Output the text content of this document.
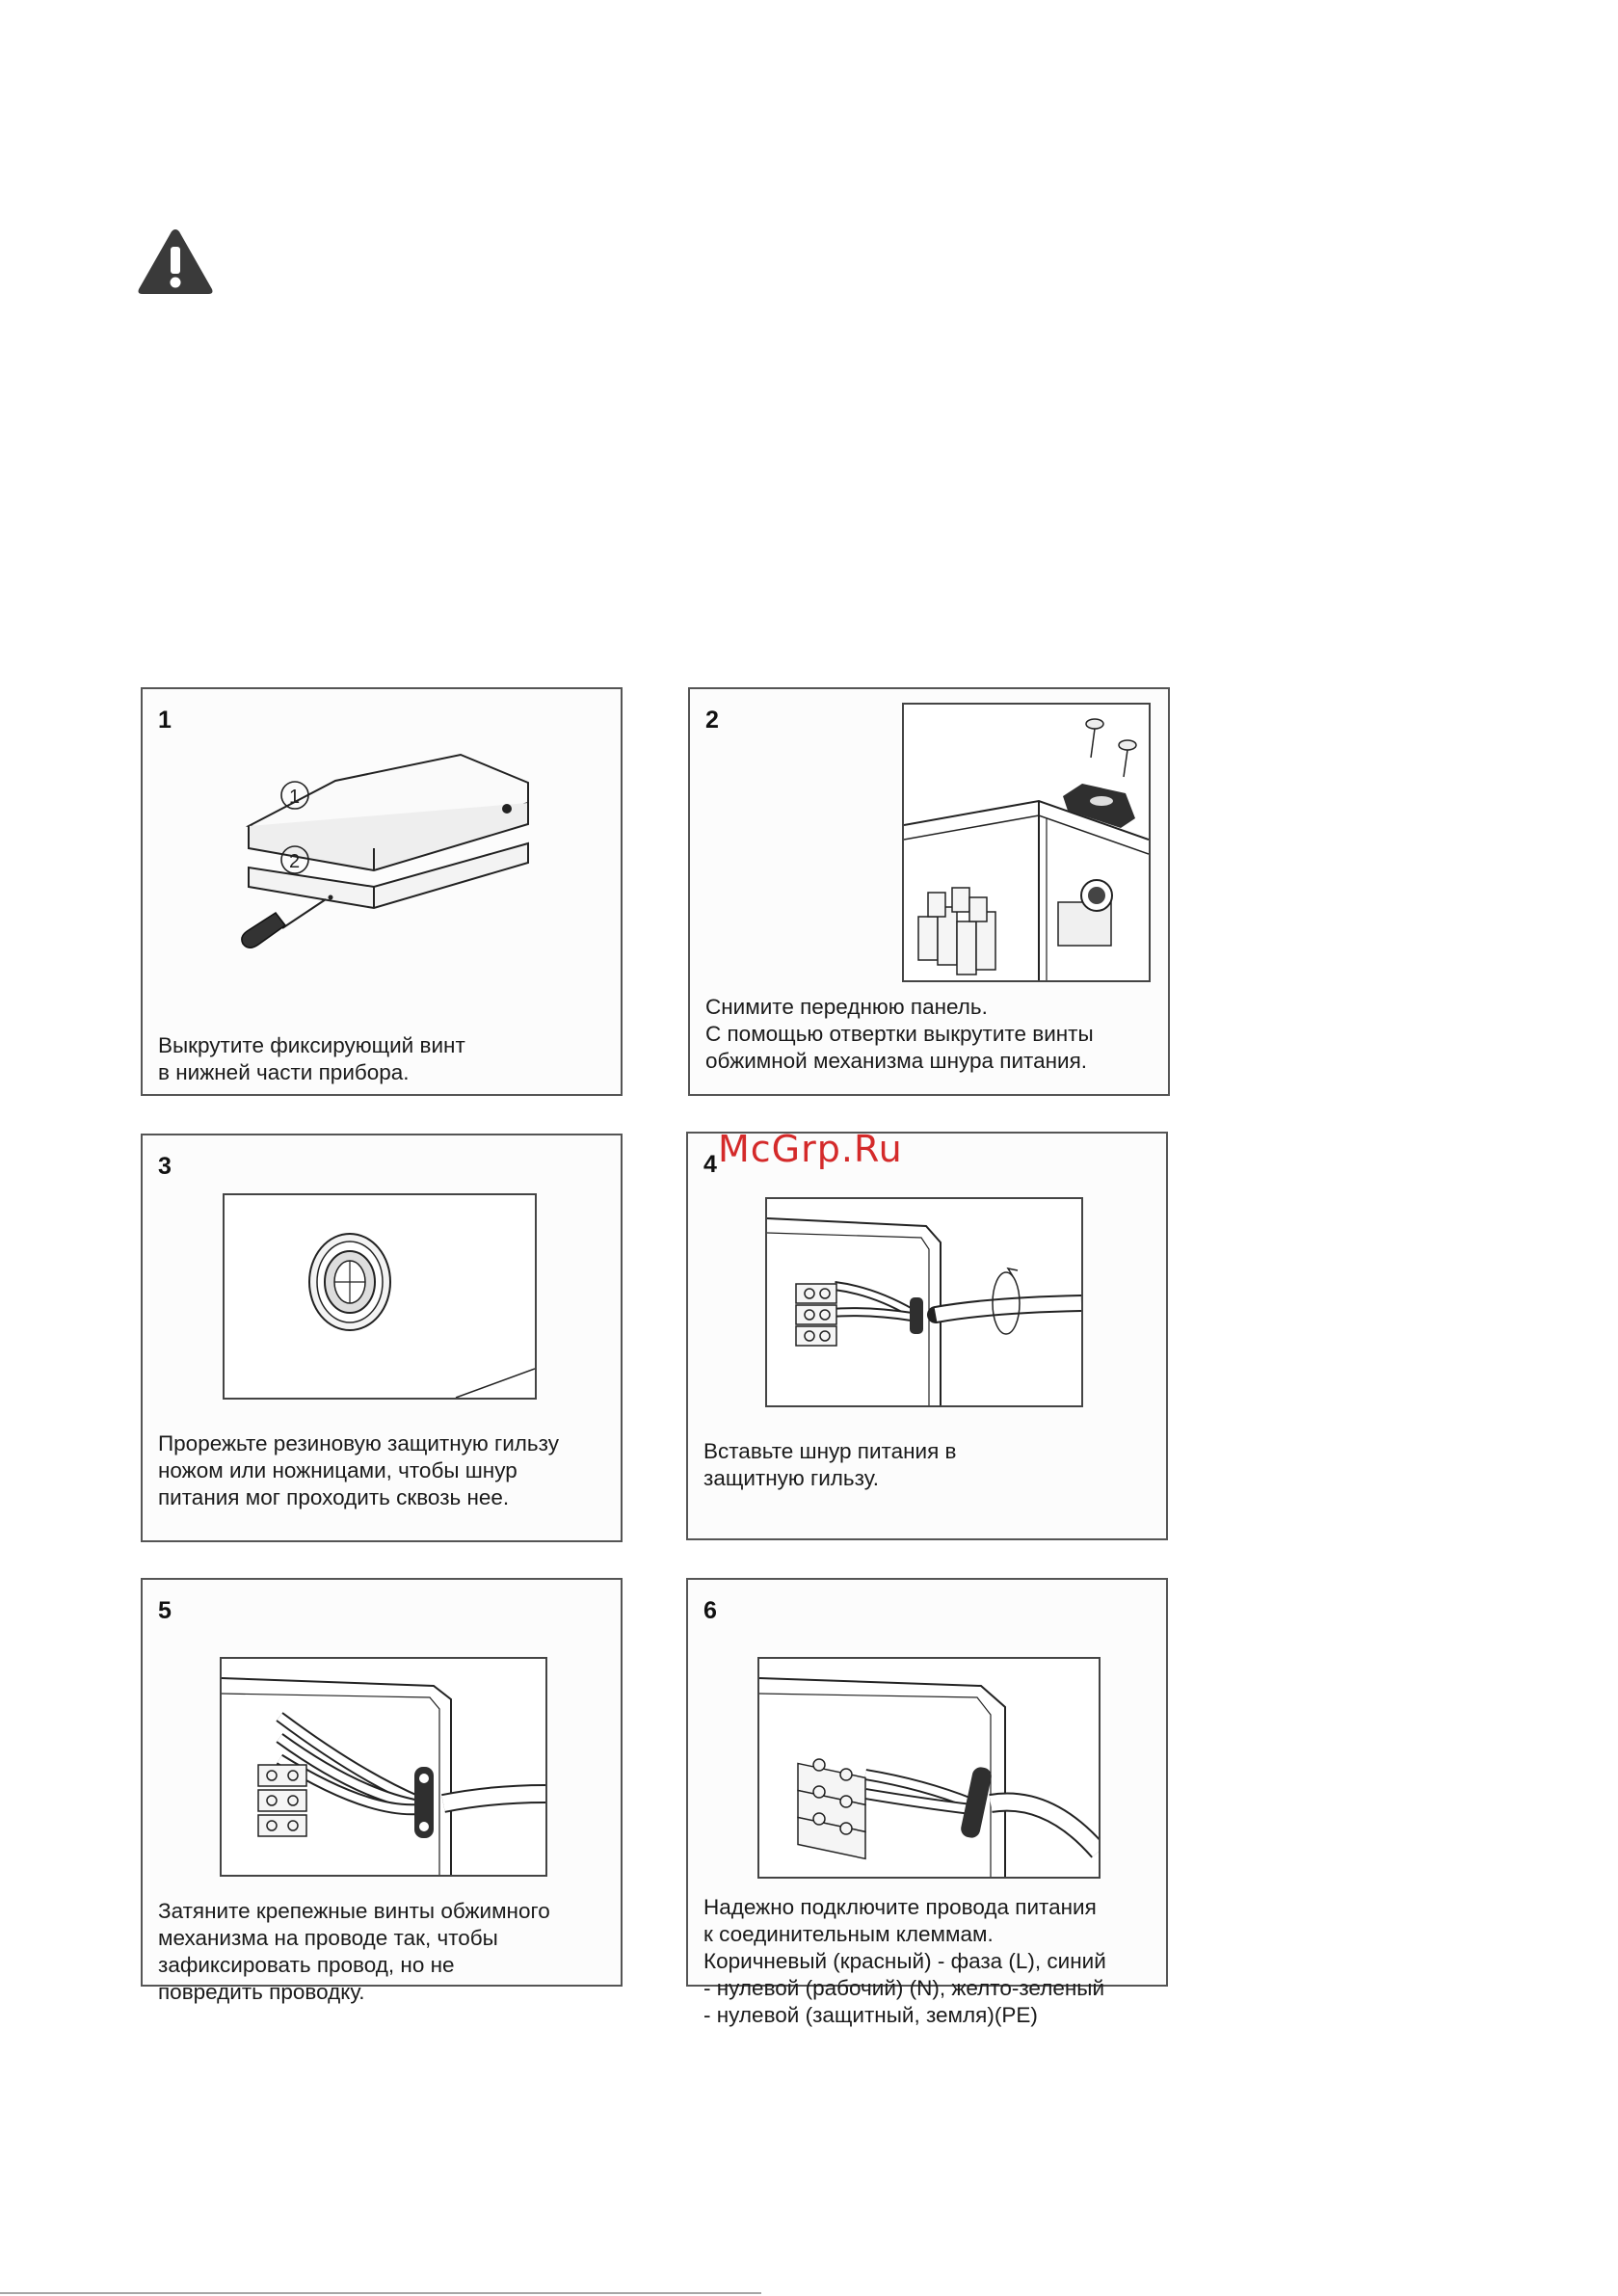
1
1
2
Выкрутите фиксирующий винт
в нижней части прибора.
2
Снимите переднюю панель.
С помощью отвертки выкрутите винты
обжимной механизма шнура питания.
3
Прорежьте резиновую защитную гильзу
ножом или ножницами, чтобы шнур
питания мог проходить сквозь нее.
4
Вставьте шнур питания в
защитную гильзу.
5
Затяните крепежные винты обжимного
механизма на проводе так, чтобы
зафиксировать провод, но не
повредить проводку.
6
Надежно подключите провода питания
к соединительным клеммам.
Коричневый (красный) - фаза (L), синий
- нулевой (рабочий) (N), желто-зеленый
- нулевой (защитный, земля)(PE)
McGrp.Ru
